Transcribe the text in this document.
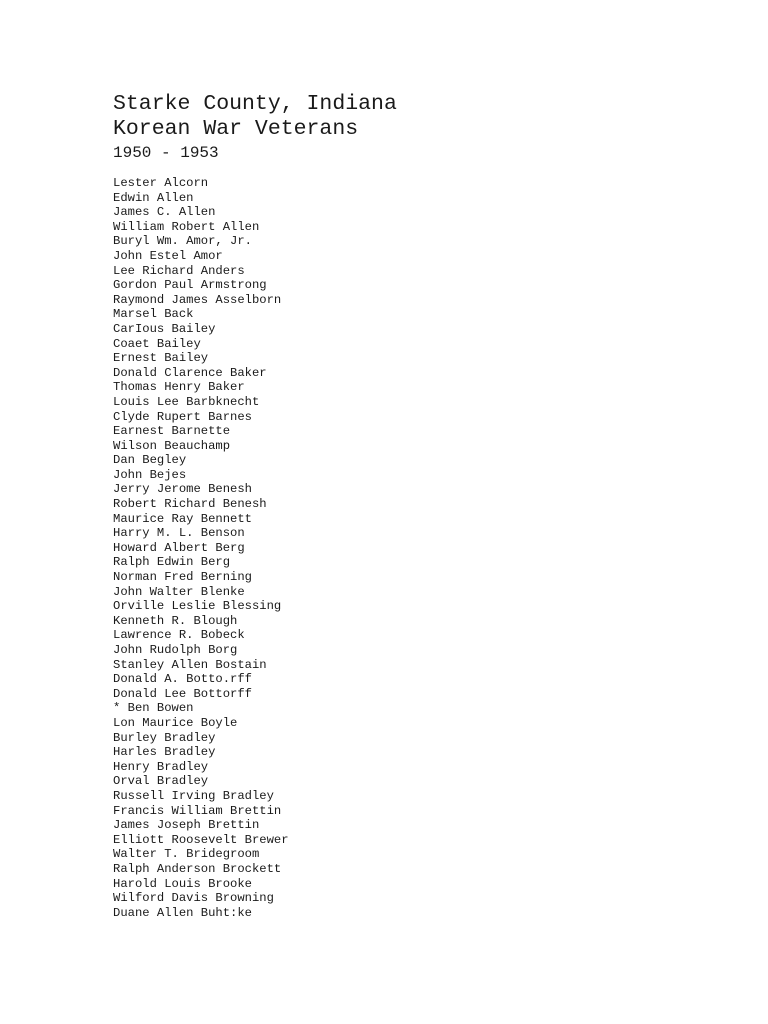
Starke County, Indiana
Korean War Veterans
1950 - 1953
Lester Alcorn
Edwin Allen
James C. Allen
William Robert Allen
Buryl Wm. Amor, Jr.
John Estel Amor
Lee Richard Anders
Gordon Paul Armstrong
Raymond James Asselborn
Marsel Back
CarIous Bailey
Coaet Bailey
Ernest Bailey
Donald Clarence Baker
Thomas Henry Baker
Louis Lee Barbknecht
Clyde Rupert Barnes
Earnest Barnette
Wilson Beauchamp
Dan Begley
John Bejes
Jerry Jerome Benesh
Robert Richard Benesh
Maurice Ray Bennett
Harry M. L. Benson
Howard Albert Berg
Ralph Edwin Berg
Norman Fred Berning
John Walter Blenke
Orville Leslie Blessing
Kenneth R. Blough
Lawrence R. Bobeck
John Rudolph Borg
Stanley Allen Bostain
Donald A. Botto.rff
Donald Lee Bottorff
* Ben Bowen
Lon Maurice Boyle
Burley Bradley
Harles Bradley
Henry Bradley
Orval Bradley
Russell Irving Bradley
Francis William Brettin
James Joseph Brettin
Elliott Roosevelt Brewer
Walter T. Bridegroom
Ralph Anderson Brockett
Harold Louis Brooke
Wilford Davis Browning
Duane Allen Buht:ke
